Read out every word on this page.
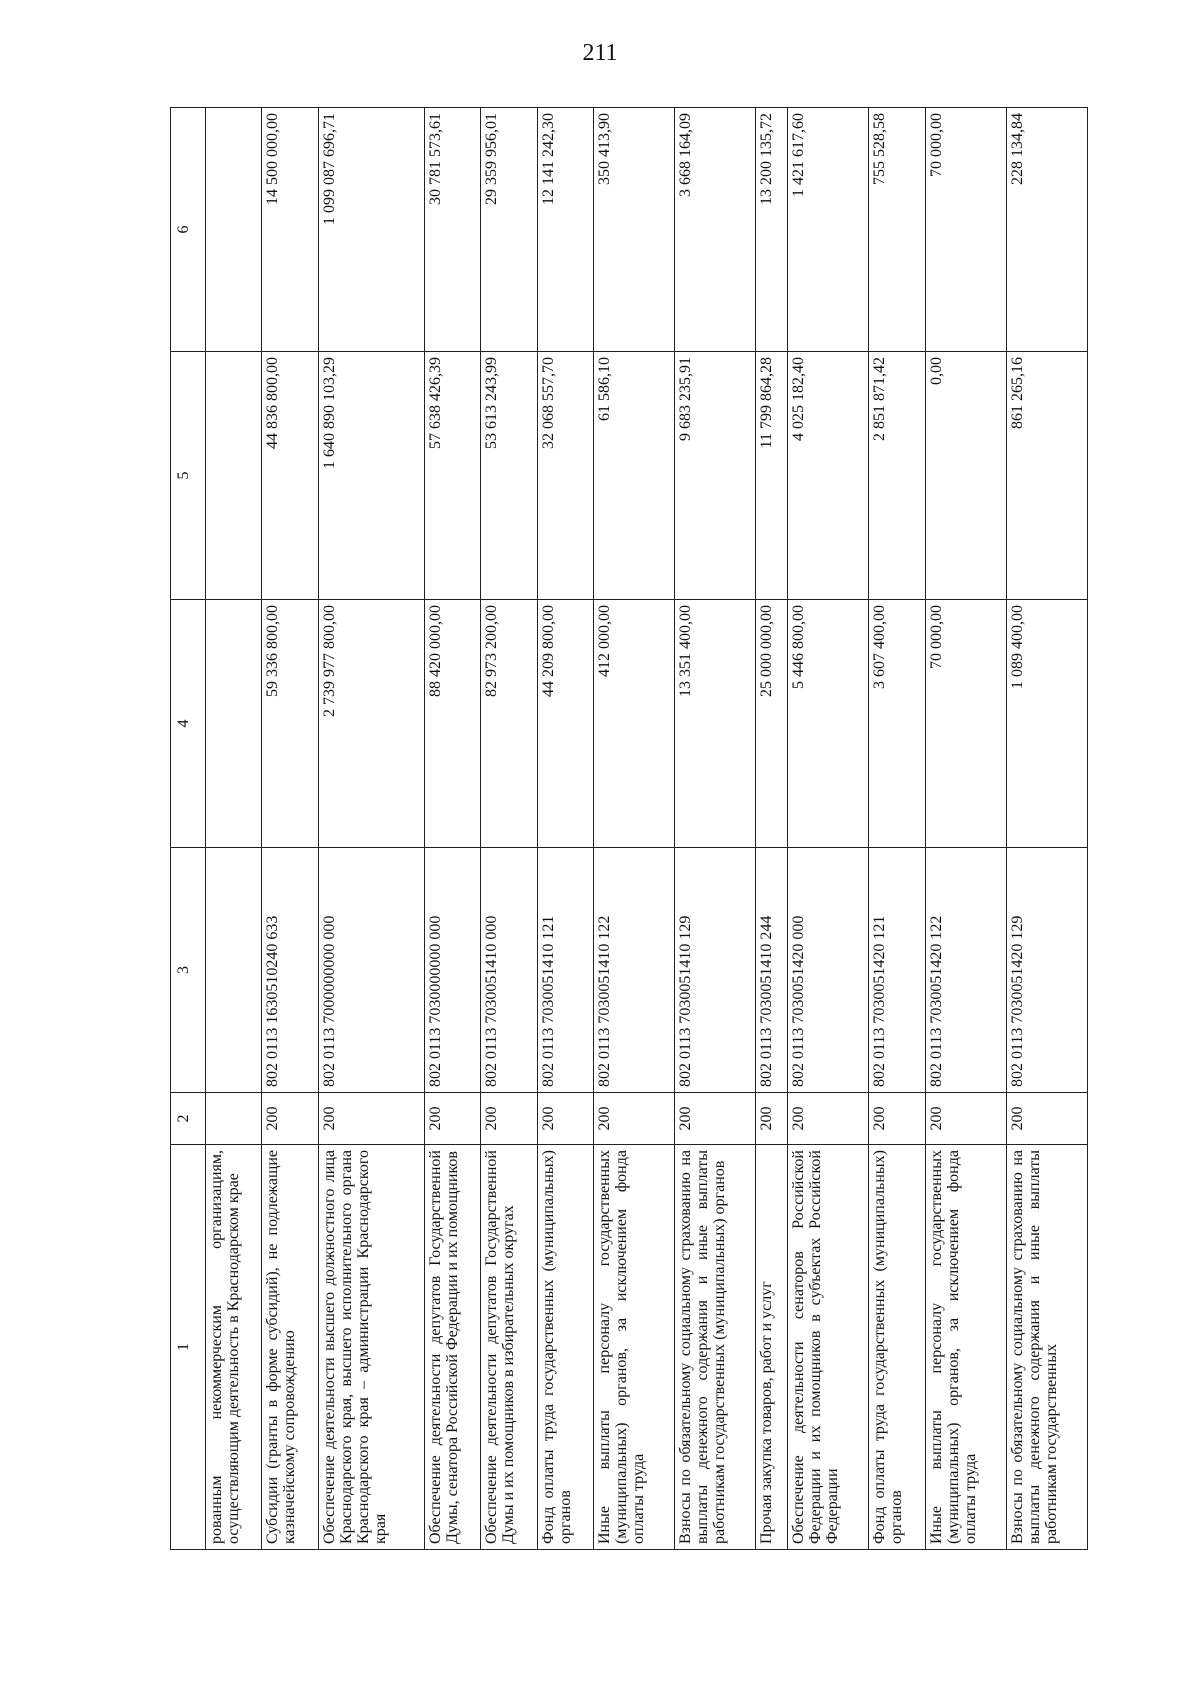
211
1	2	3	4	5	6
рованным некоммерческим организациям, осуществляющим деятельность в Краснодарском крае					
Субсидии (гранты в форме субсидий), не подлежащие казначейскому сопровождению	200	802 0113 1630510240 633	59 336 800,00	44 836 800,00	14 500 000,00
Обеспечение деятельности высшего должностного лица Краснодарского края, высшего исполнительного органа Краснодарского края – администрации Краснодарского края	200	802 0113 7000000000 000	2 739 977 800,00	1 640 890 103,29	1 099 087 696,71
Обеспечение деятельности депутатов Государственной Думы, сенатора Российской Федерации и их помощников	200	802 0113 7030000000 000	88 420 000,00	57 638 426,39	30 781 573,61
Обеспечение деятельности депутатов Государственной Думы и их помощников в избирательных округах	200	802 0113 7030051410 000	82 973 200,00	53 613 243,99	29 359 956,01
Фонд оплаты труда государственных (муниципальных) органов	200	802 0113 7030051410 121	44 209 800,00	32 068 557,70	12 141 242,30
Иные выплаты персоналу государственных (муниципальных) органов, за исключением фонда оплаты труда	200	802 0113 7030051410 122	412 000,00	61 586,10	350 413,90
Взносы по обязательному социальному страхованию на выплаты денежного содержания и иные выплаты работникам государственных (муниципальных) органов	200	802 0113 7030051410 129	13 351 400,00	9 683 235,91	3 668 164,09
Прочая закупка товаров, работ и услуг	200	802 0113 7030051410 244	25 000 000,00	11 799 864,28	13 200 135,72
Обеспечение деятельности сенаторов Российской Федерации и их помощников в субъектах Российской Федерации	200	802 0113 7030051420 000	5 446 800,00	4 025 182,40	1 421 617,60
Фонд оплаты труда государственных (муниципальных) органов	200	802 0113 7030051420 121	3 607 400,00	2 851 871,42	755 528,58
Иные выплаты персоналу государственных (муниципальных) органов, за исключением фонда оплаты труда	200	802 0113 7030051420 122	70 000,00	0,00	70 000,00
Взносы по обязательному социальному страхованию на выплаты денежного содержания и иные выплаты работникам государственных	200	802 0113 7030051420 129	1 089 400,00	861 265,16	228 134,84
